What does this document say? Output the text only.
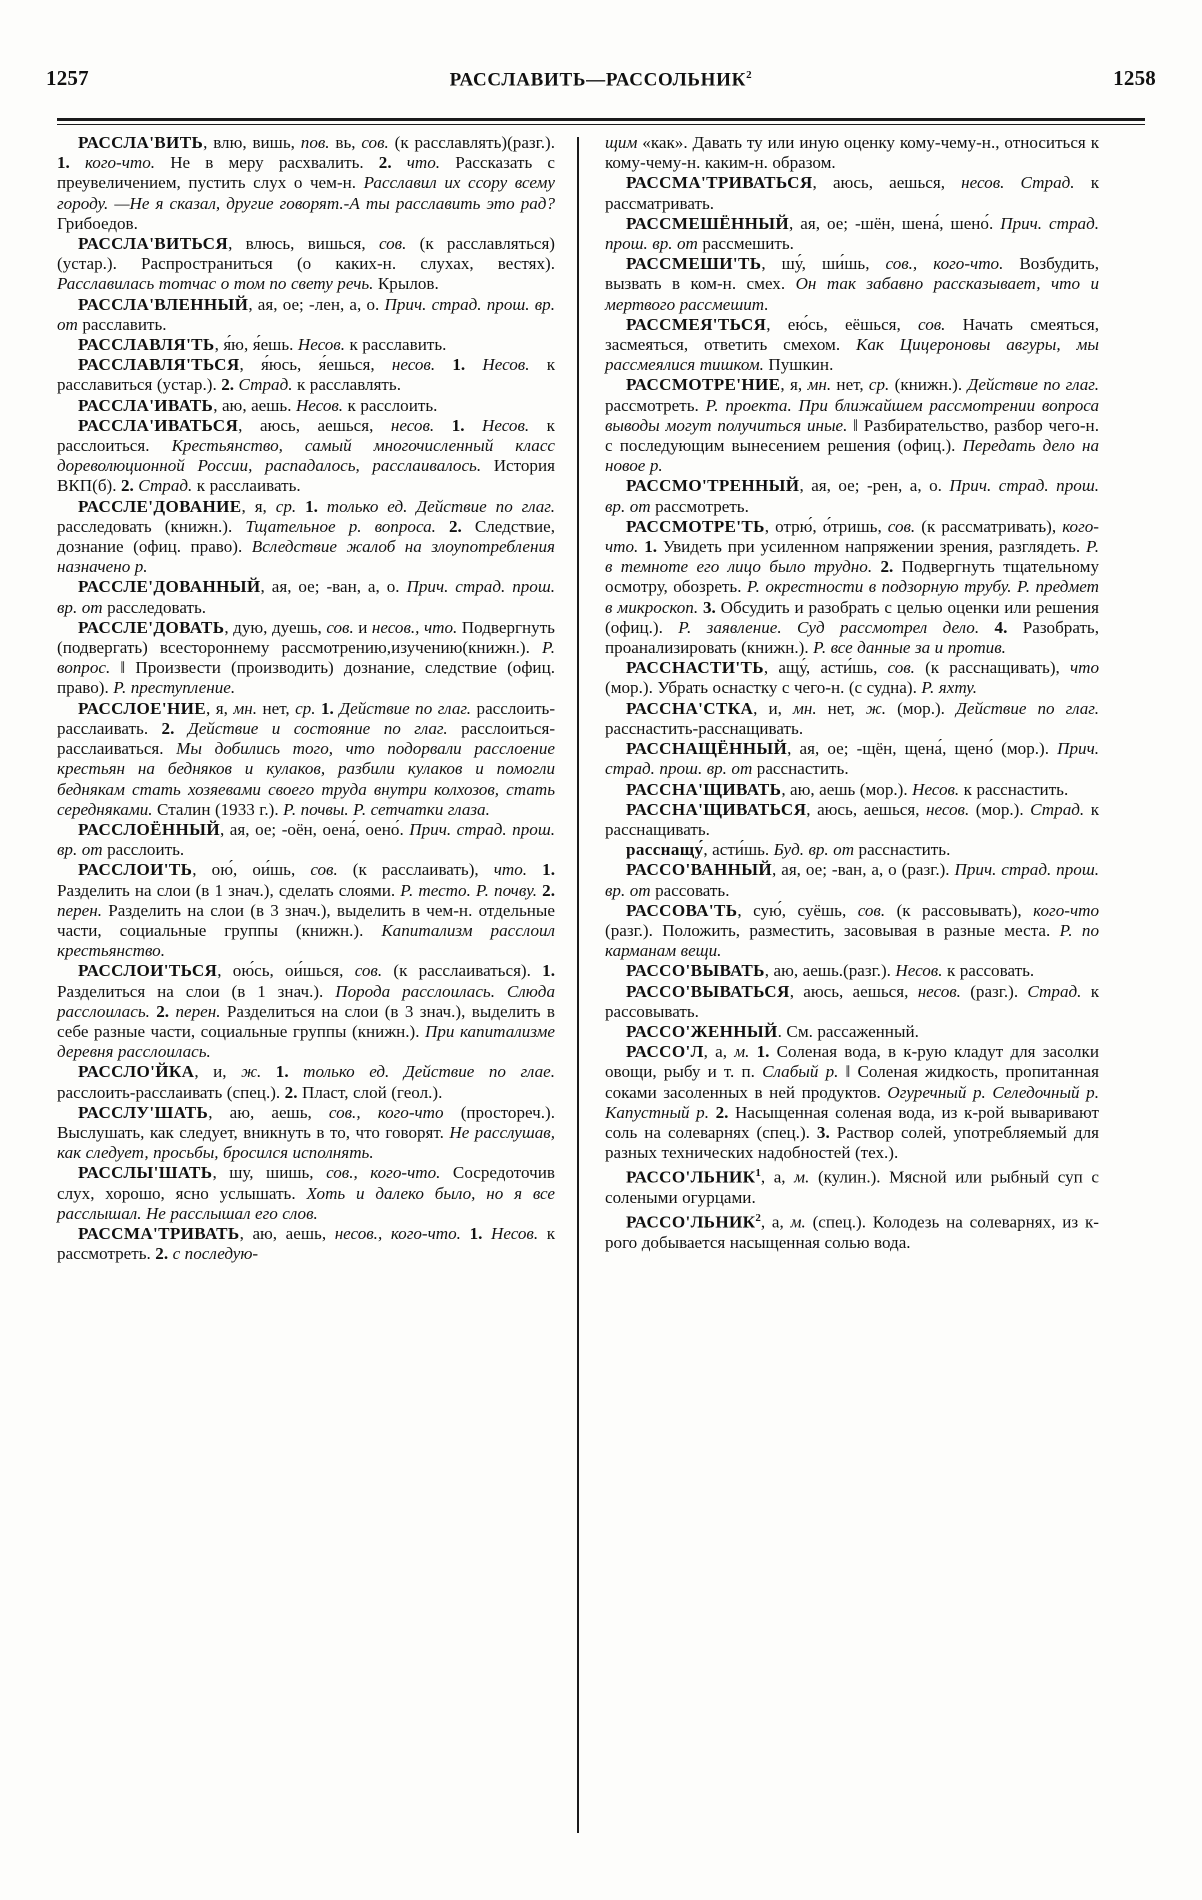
1257	РАССЛАВИТЬ—РАССОЛЬНИК$^2$	1258

РАССЛА'ВИТЬ, влю, вишь, пов. вь, сов. (к расславлять)(разг.). 1. кого-что. Не в меру расхвалить. 2. что. Рассказать с преувеличением, пустить слух о чем-н. Расславил их ссору всему городу. —Не я сказал, другие говорят.-А ты расславить это рад? Грибоедов.

РАССЛА'ВИТЬСЯ, влюсь, вишься, сов. (к расславляться)(устар.). Распространиться (о каких-н. слухах, вестях). Расславилась тотчас о том по свету речь. Крылов.

РАССЛА'ВЛЕННЫЙ, ая, ое; -лен, а, о. Прич. страд. прош. вр. от расславить.

РАССЛАВЛЯ'ТЬ, я́ю, я́ешь. Несов. к расславить.

РАССЛАВЛЯ'ТЬСЯ, я́юсь, я́ешься, несов. 1. Несов. к расславиться (устар.). 2. Страд. к расславлять.

РАССЛА'ИВАТЬ, аю, аешь. Несов. к расслоить.

РАССЛА'ИВАТЬСЯ, аюсь, аешься, несов. 1. Несов. к расслоиться. Крестьянство, самый многочисленный класс дореволюционной России, распадалось, расслаивалось. История ВКП(б). 2. Страд. к расслаивать.

РАССЛЕ'ДОВАНИЕ, я, ср. 1. только ед. Действие по глаг. расследовать (книжн.). Тщательное р. вопроса. 2. Следствие, дознание (офиц. право). Вследствие жалоб на злоупотребления назначено р.

РАССЛЕ'ДОВАННЫЙ, ая, ое; -ван, а, о. Прич. страд. прош. вр. от расследовать.

РАССЛЕ'ДОВАТЬ, дую, дуешь, сов. и несов., что. Подвергнуть (подвергать) всестороннему рассмотрению,изучению(книжн.). Р. вопрос. ‖ Произвести (производить) дознание, следствие (офиц. право). Р. преступление.

РАССЛОЕ'НИЕ, я, мн. нет, ср. 1. Действие по глаг. расслоить-расслаивать. 2. Действие и состояние по глаг. расслоиться-расслаиваться. Мы добились того, что подорвали расслоение крестьян на бедняков и кулаков, разбили кулаков и помогли беднякам стать хозяевами своего труда внутри колхозов, стать середняками. Сталин (1933 г.). Р. почвы. Р. сетчатки глаза.

РАССЛОЁННЫЙ, ая, ое; -оён, оена́, оено́. Прич. страд. прош. вр. от расслоить.

РАССЛОИ'ТЬ, ою́, ои́шь, сов. (к расслаивать), что. 1. Разделить на слои (в 1 знач.), сделать слоями. Р. тесто. Р. почву. 2. перен. Разделить на слои (в 3 знач.), выделить в чем-н. отдельные части, социальные группы (книжн.). Капитализм расслоил крестьянство.

РАССЛОИ'ТЬСЯ, ою́сь, ои́шься, сов. (к расслаиваться). 1. Разделиться на слои (в 1 знач.). Порода расслоилась. Слюда расслоилась. 2. перен. Разделиться на слои (в 3 знач.), выделить в себе разные части, социальные группы (книжн.). При капитализме деревня расслоилась.

РАССЛО'ЙКА, и, ж. 1. только ед. Действие по глае. расслоить-расслаивать (спец.). 2. Пласт, слой (геол.).

РАССЛУ'ШАТЬ, аю, аешь, сов., кого-что (простореч.). Выслушать, как следует, вникнуть в то, что говорят. Не расслушав, как следует, просьбы, бросился исполнять.

РАССЛЫ'ШАТЬ, шу, шишь, сов., кого-что. Сосредоточив слух, хорошо, ясно услышать. Хоть и далеко было, но я все расслышал. Не расслышал его слов.

РАССМА'ТРИВАТЬ, аю, аешь, несов., кого-что. 1. Несов. к рассмотреть. 2. с последую-

щим «как». Давать ту или иную оценку кому-чему-н., относиться к кому-чему-н. каким-н. образом.

РАССМА'ТРИВАТЬСЯ, аюсь, аешься, несов. Страд. к рассматривать.

РАССМЕШЁННЫЙ, ая, ое; -шён, шена́, шено́. Прич. страд. прош. вр. от рассмешить.

РАССМЕШИ'ТЬ, шу́, ши́шь, сов., кого-что. Возбудить, вызвать в ком-н. смех. Он так забавно рассказывает, что и мертвого рассмешит.

РАССМЕЯ'ТЬСЯ, ею́сь, еёшься, сов. Начать смеяться, засмеяться, ответить смехом. Как Цицероновы авгуры, мы рассмеялися тишком. Пушкин.

РАССМОТРЕ'НИЕ, я, мн. нет, ср. (книжн.). Действие по глаг. рассмотреть. Р. проекта. При ближайшем рассмотрении вопроса выводы могут получиться иные. ‖ Разбирательство, разбор чего-н. с последующим вынесением решения (офиц.). Передать дело на новое р.

РАССМО'ТРЕННЫЙ, ая, ое; -рен, а, о. Прич. страд. прош. вр. от рассмотреть.

РАССМОТРЕ'ТЬ, отрю́, о́тришь, сов. (к рассматривать), кого-что. 1. Увидеть при усиленном напряжении зрения, разглядеть. Р. в темноте его лицо было трудно. 2. Подвергнуть тщательному осмотру, обозреть. Р. окрестности в подзорную трубу. Р. предмет в микроскоп. 3. Обсудить и разобрать с целью оценки или решения (офиц.). Р. заявление. Суд рассмотрел дело. 4. Разобрать, проанализировать (книжн.). Р. все данные за и против.

РАССНАСТИ'ТЬ, ащу́, асти́шь, сов. (к расснащивать), что (мор.). Убрать оснастку с чего-н. (с судна). Р. яхту.

РАССНА'СТКА, и, мн. нет, ж. (мор.). Действие по глаг. расснастить-расснащивать.

РАССНАЩЁННЫЙ, ая, ое; -щён, щена́, щено́ (мор.). Прич. страд. прош. вр. от расснастить.

РАССНА'ЩИВАТЬ, аю, аешь (мор.). Несов. к расснастить.

РАССНА'ЩИВАТЬСЯ, аюсь, аешься, несов. (мор.). Страд. к расснащивать.

расснащу́, асти́шь. Буд. вр. от расснастить.

РАССО'ВАННЫЙ, ая, ое; -ван, а, о (разг.). Прич. страд. прош. вр. от рассовать.

РАССОВА'ТЬ, сую́, суёшь, сов. (к рассовывать), кого-что (разг.). Положить, разместить, засовывая в разные места. Р. по карманам вещи.

РАССО'ВЫВАТЬ, аю, аешь.(разг.). Несов. к рассовать.

РАССО'ВЫВАТЬСЯ, аюсь, аешься, несов. (разг.). Страд. к рассовывать.

РАССО'ЖЕННЫЙ. См. рассаженный.

РАССО'Л, а, м. 1. Соленая вода, в к-рую кладут для засолки овощи, рыбу и т. п. Слабый р. ‖ Соленая жидкость, пропитанная соками засоленных в ней продуктов. Огуречный р. Селедочный р. Капустный р. 2. Насыщенная соленая вода, из к-рой вываривают соль на солеварнях (спец.). 3. Раствор солей, употребляемый для разных технических надобностей (тех.).

РАССО'ЛЬНИК$^1$, а, м. (кулин.). Мясной или рыбный суп с солеными огурцами.

РАССО'ЛЬНИК$^2$, а, м. (спец.). Колодезь на солеварнях, из к-рого добывается насыщенная солью вода.
